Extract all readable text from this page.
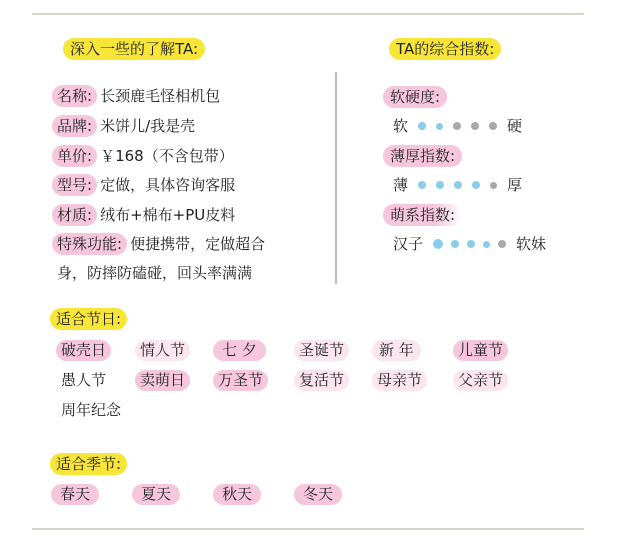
深入一些的了解TA:
名称: 长颈鹿毛怪相机包
品牌: 米饼儿/我是壳
单价: ￥168（不含包带）
型号: 定做，具体咨询客服
材质: 绒布+棉布+PU皮料
特殊功能: 便捷携带，定做超合
身，防摔防磕碰，回头率满满
TA的综合指数:
软硬度:
软	硬
薄厚指数:
薄	厚
萌系指数:
汉子	软妹
适合节日:
破壳日	情人节	七 夕	圣诞节	新 年	儿童节
愚人节	卖萌日	万圣节	复活节	母亲节	父亲节
周年纪念
适合季节:
春天	夏天	秋天	冬天
